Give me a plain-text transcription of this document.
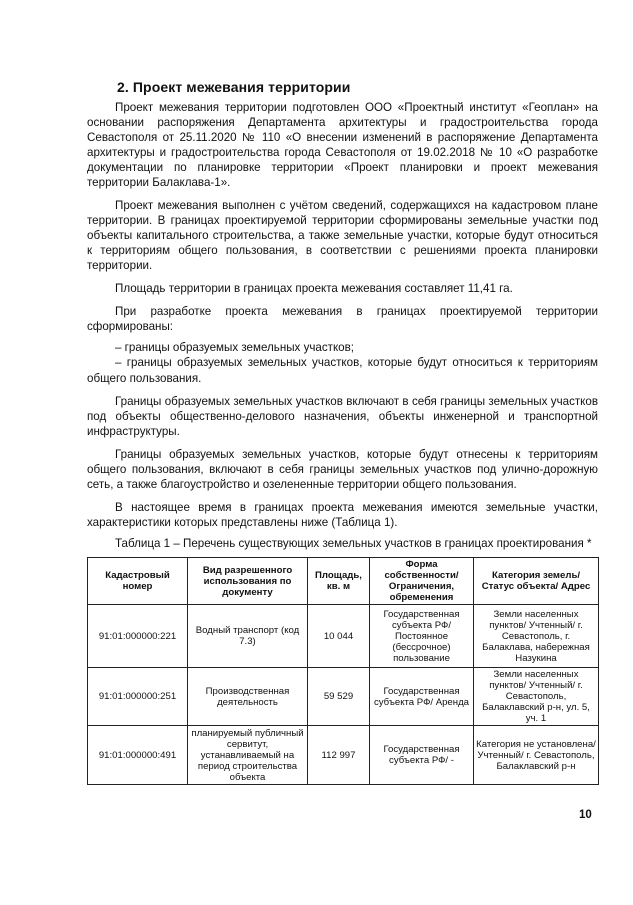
2. Проект межевания территории

Проект межевания территории подготовлен ООО «Проектный институт «Геоплан» на основании распоряжения Департамента архитектуры и градостроительства города Севастополя от 25.11.2020 № 110 «О внесении изменений в распоряжение Департамента архитектуры и градостроительства города Севастополя от 19.02.2018 № 10 «О разработке документации по планировке территории «Проект планировки и проект межевания территории Балаклава-1».

Проект межевания выполнен с учётом сведений, содержащихся на кадастровом плане территории. В границах проектируемой территории сформированы земельные участки под объекты капитального строительства, а также земельные участки, которые будут относиться к территориям общего пользования, в соответствии с решениями проекта планировки территории.

Площадь территории в границах проекта межевания составляет 11,41 га.

При разработке проекта межевания в границах проектируемой территории сформированы:

– границы образуемых земельных участков;

– границы образуемых земельных участков, которые будут относиться к территориям общего пользования.

Границы образуемых земельных участков включают в себя границы земельных участков под объекты общественно-делового назначения, объекты инженерной и транспортной инфраструктуры.

Границы образуемых земельных участков, которые будут отнесены к территориям общего пользования, включают в себя границы земельных участков под улично-дорожную сеть, а также благоустройство и озелененные территории общего пользования.

В настоящее время в границах проекта межевания имеются земельные участки, характеристики которых представлены ниже (Таблица 1).

Таблица 1 – Перечень существующих земельных участков в границах проектирования *

Кадастровый номер	Вид разрешенного использования по документу	Площадь, кв. м	Форма собственности/ Ограничения, обременения	Категория земель/ Статус объекта/ Адрес
91:01:000000:221	Водный транспорт (код 7.3)	10 044	Государственная субъекта РФ/ Постоянное (бессрочное) пользование	Земли населенных пунктов/ Учтенный/ г. Севастополь, г. Балаклава, набережная Назукина
91:01:000000:251	Производственная деятельность	59 529	Государственная субъекта РФ/ Аренда	Земли населенных пунктов/ Учтенный/ г. Севастополь, Балаклавский р-н, ул. 5, уч. 1
91:01:000000:491	планируемый публичный сервитут, устанавливаемый на период строительства объекта	112 997	Государственная субъекта РФ/ -	Категория не установлена/ Учтенный/ г. Севастополь, Балаклавский р-н
10
